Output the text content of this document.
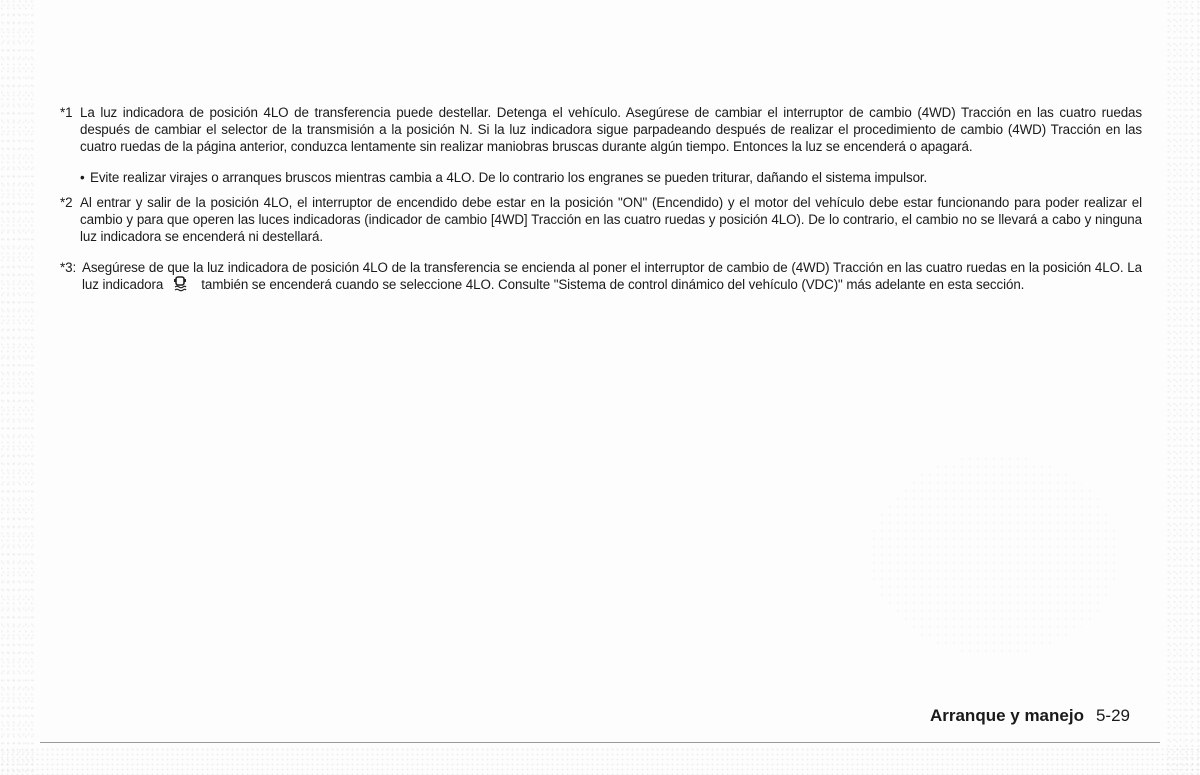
*1 La luz indicadora de posición 4LO de transferencia puede destellar. Detenga el vehículo. Asegúrese de cambiar el interruptor de cambio (4WD) Tracción en las cuatro ruedas después de cambiar el selector de la transmisión a la posición N. Si la luz indicadora sigue parpadeando después de realizar el procedimiento de cambio (4WD) Tracción en las cuatro ruedas de la página anterior, conduzca lentamente sin realizar maniobras bruscas durante algún tiempo. Entonces la luz se encenderá o apagará.

• Evite realizar virajes o arranques bruscos mientras cambia a 4LO. De lo contrario los engranes se pueden triturar, dañando el sistema impulsor.

*2 Al entrar y salir de la posición 4LO, el interruptor de encendido debe estar en la posición "ON" (Encendido) y el motor del vehículo debe estar funcionando para poder realizar el cambio y para que operen las luces indicadoras (indicador de cambio [4WD] Tracción en las cuatro ruedas y posición 4LO). De lo contrario, el cambio no se llevará a cabo y ninguna luz indicadora se encenderá ni destellará.

*3: Asegúrese de que la luz indicadora de posición 4LO de la transferencia se encienda al poner el interruptor de cambio de (4WD) Tracción en las cuatro ruedas en la posición 4LO. La luz indicadora	también se encenderá cuando se seleccione 4LO. Consulte "Sistema de control dinámico del vehículo (VDC)" más adelante en esta sección.

Arranque y manejo 5-29
